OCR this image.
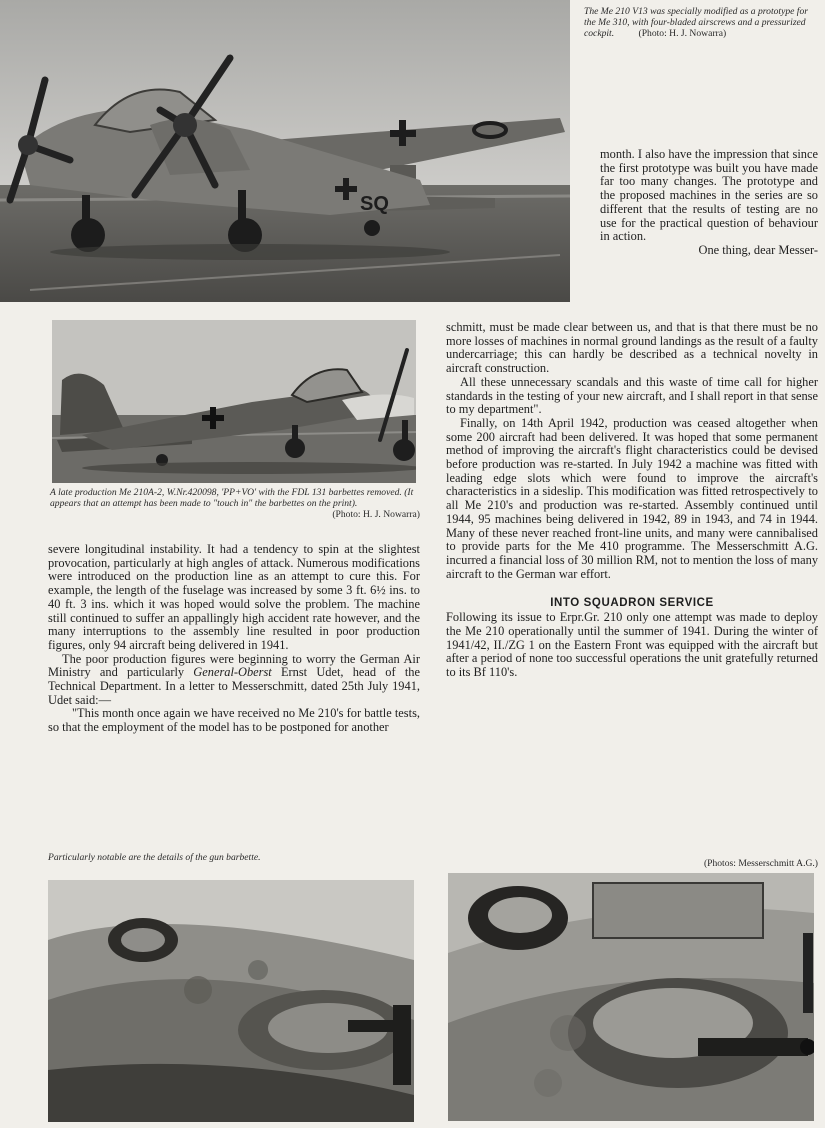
SQ

The Me 210 V13 was specially modified as a prototype for the Me 310, with four-bladed airscrews and a pressurized cockpit.	(Photo: H. J. Nowarra)

month. I also have the impression that since the first prototype was built you have made far too many changes. The prototype and the proposed machines in the series are so different that the results of testing are no use for the practical question of behaviour in action.

One thing, dear Messer-

A late production Me 210A-2, W.Nr.420098, 'PP+VO' with the FDL 131 barbettes removed. (It appears that an attempt has been made to "touch in" the barbettes on the print).
(Photo: H. J. Nowarra)

severe longitudinal instability. It had a tendency to spin at the slightest provocation, particularly at high angles of attack. Numerous modifications were introduced on the production line as an attempt to cure this. For example, the length of the fuselage was increased by some 3 ft. 6½ ins. to 40 ft. 3 ins. which it was hoped would solve the problem. The machine still continued to suffer an appallingly high accident rate however, and the many interruptions to the assembly line resulted in poor production figures, only 94 aircraft being delivered in 1941.

The poor production figures were beginning to worry the German Air Ministry and particularly General-Oberst Ernst Udet, head of the Technical Department. In a letter to Messerschmitt, dated 25th July 1941, Udet said:—

"This month once again we have received no Me 210's for battle tests, so that the employment of the model has to be postponed for another

schmitt, must be made clear between us, and that is that there must be no more losses of machines in normal ground landings as the result of a faulty undercarriage; this can hardly be described as a technical novelty in aircraft construction.

All these unnecessary scandals and this waste of time call for higher standards in the testing of your new aircraft, and I shall report in that sense to my department".

Finally, on 14th April 1942, production was ceased altogether when some 200 aircraft had been delivered. It was hoped that some permanent method of improving the aircraft's flight characteristics could be devised before production was re-started. In July 1942 a machine was fitted with leading edge slots which were found to improve the aircraft's characteristics in a sideslip. This modification was fitted retrospectively to all Me 210's and production was re-started. Assembly continued until 1944, 95 machines being delivered in 1942, 89 in 1943, and 74 in 1944. Many of these never reached front-line units, and many were cannibalised to provide parts for the Me 410 programme. The Messerschmitt A.G. incurred a financial loss of 30 million RM, not to mention the loss of many aircraft to the German war effort.

INTO SQUADRON SERVICE

Following its issue to Erpr.Gr. 210 only one attempt was made to deploy the Me 210 operationally until the summer of 1941. During the winter of 1941/42, II./ZG 1 on the Eastern Front was equipped with the aircraft but after a period of none too successful operations the unit gratefully returned to its Bf 110's.

Particularly notable are the details of the gun barbette.

(Photos: Messerschmitt A.G.)
